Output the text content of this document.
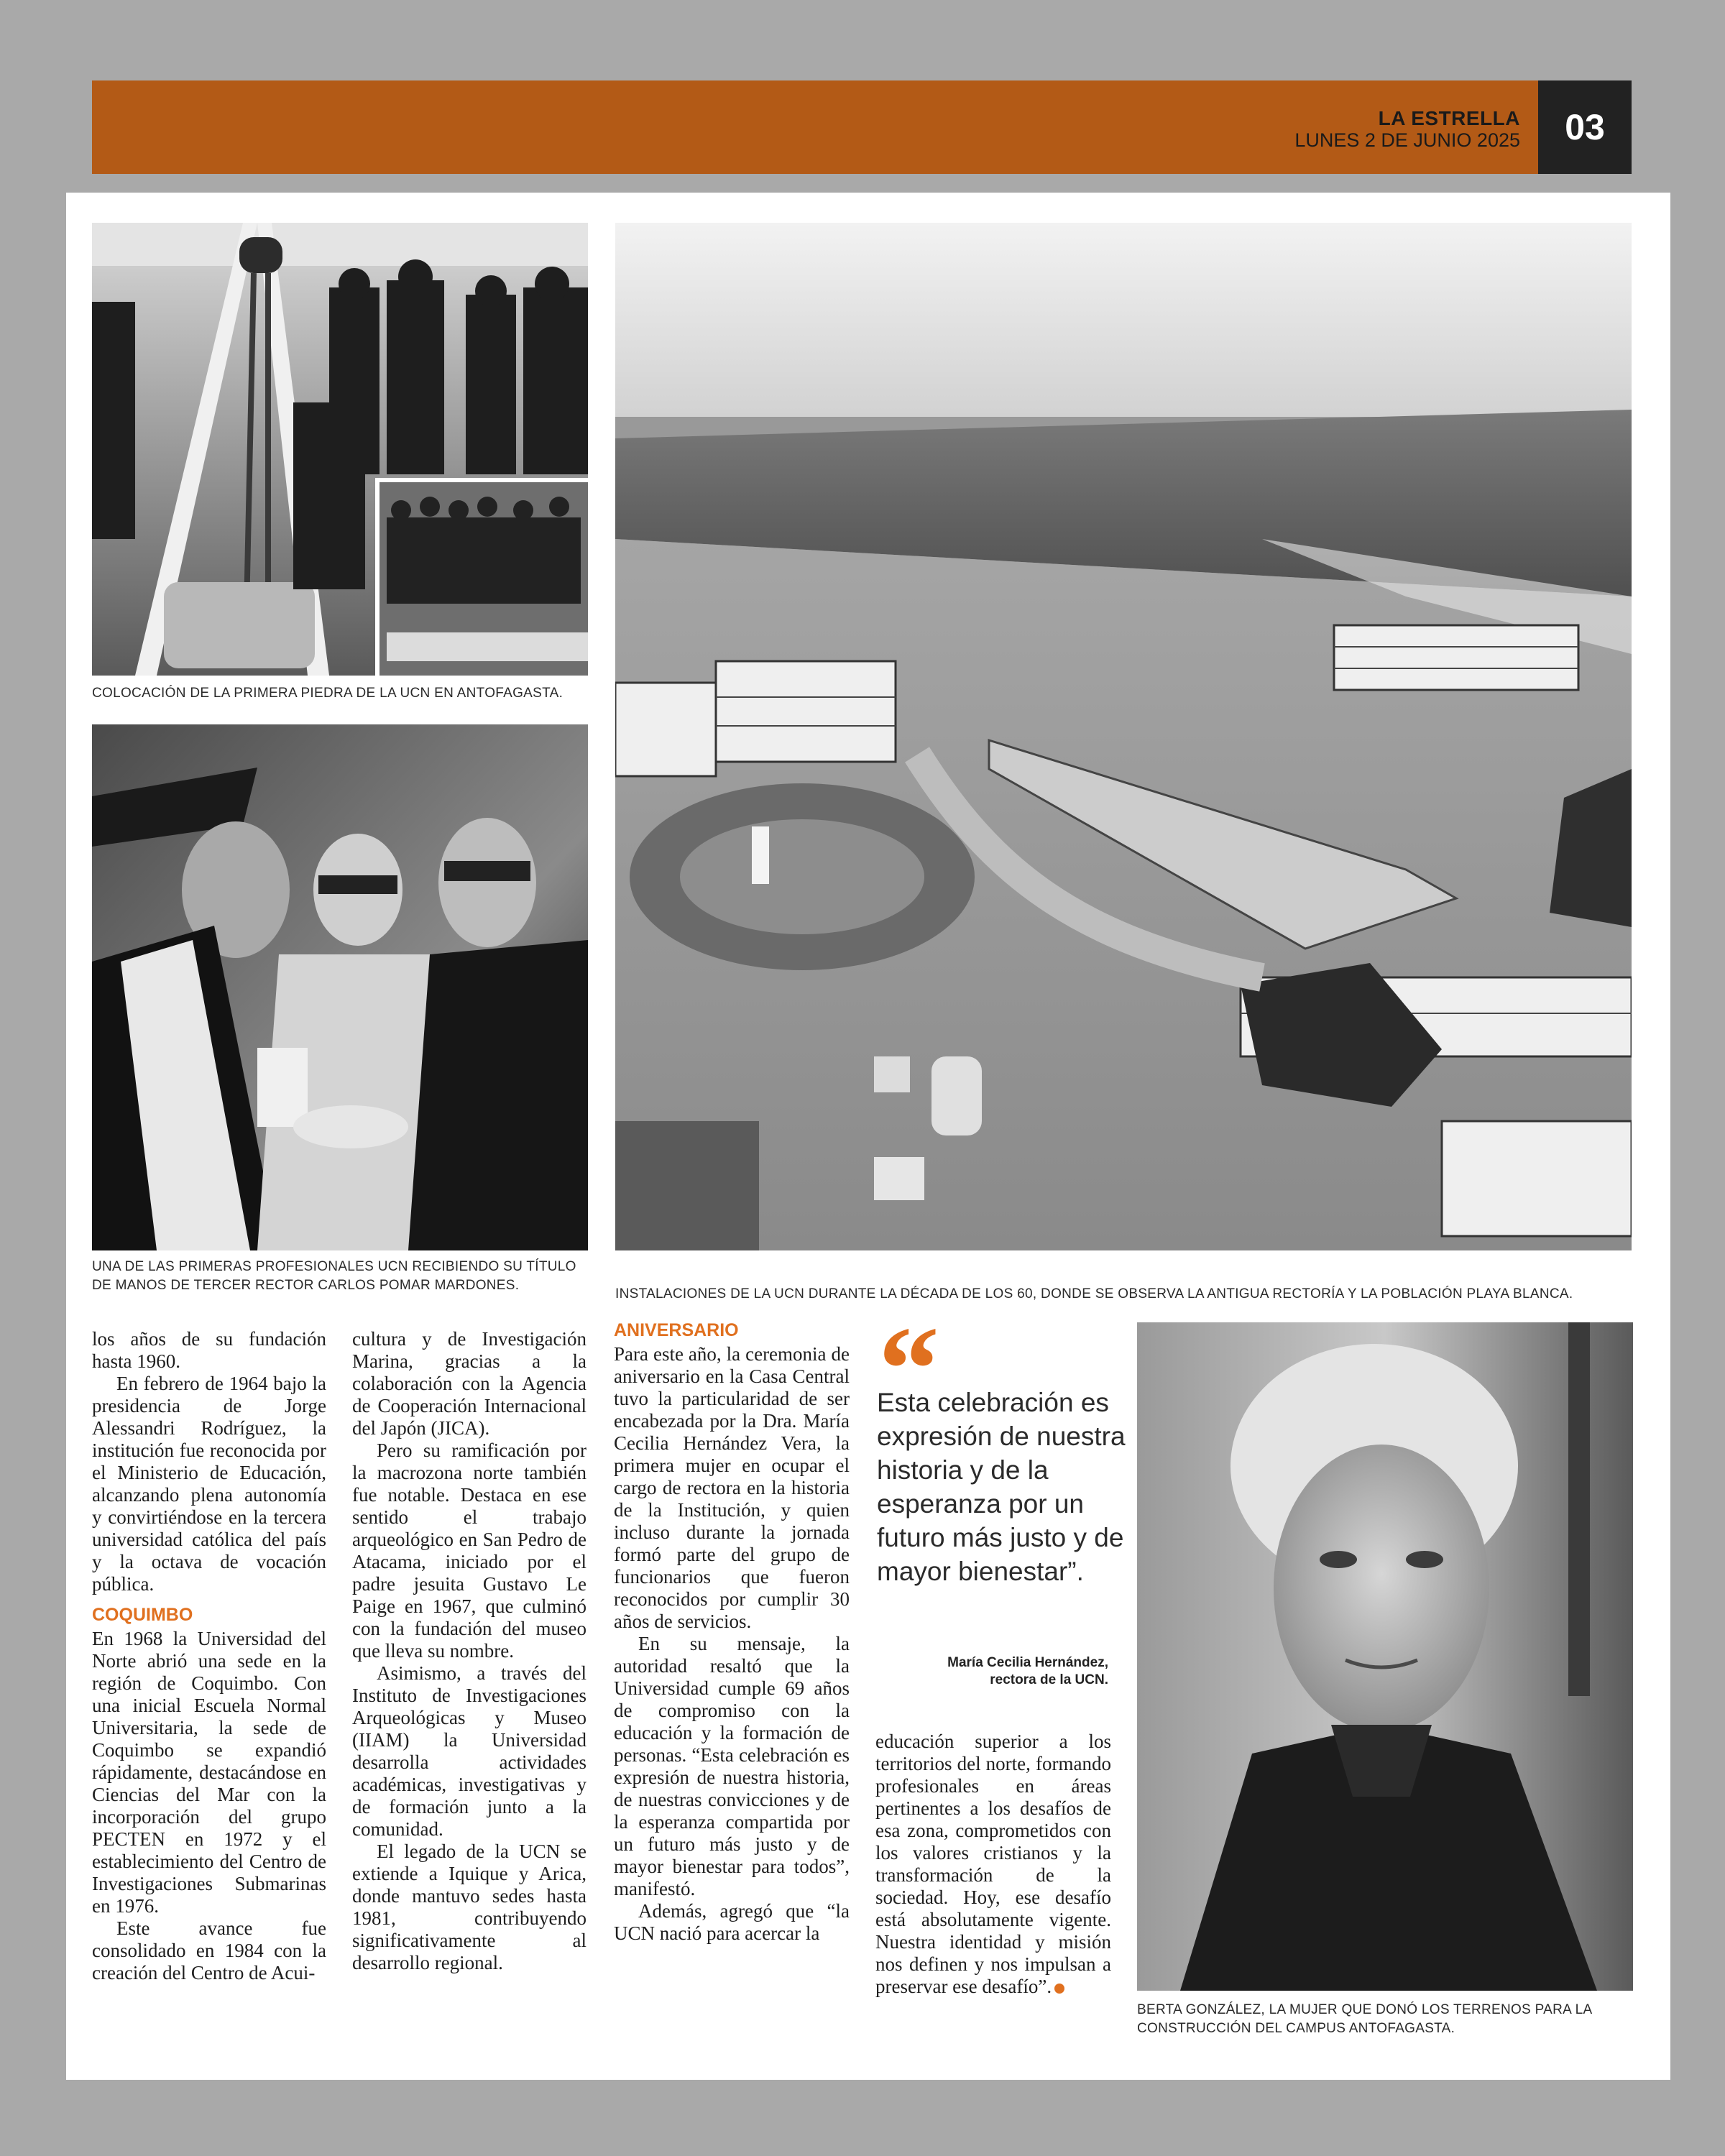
LA ESTRELLA
LUNES 2 DE JUNIO 2025	03
COLOCACIÓN DE LA PRIMERA PIEDRA DE LA UCN EN ANTOFAGASTA.
UNA DE LAS PRIMERAS PROFESIONALES UCN RECIBIENDO SU TÍTULO DE MANOS DE TERCER RECTOR CARLOS POMAR MARDONES.
INSTALACIONES DE LA UCN DURANTE LA DÉCADA DE LOS 60, DONDE SE OBSERVA LA ANTIGUA RECTORÍA Y LA POBLACIÓN PLAYA BLANCA.

los años de su fundación hasta 1960.

En febrero de 1964 bajo la presidencia de Jorge Alessandri Rodríguez, la institución fue reconocida por el Ministerio de Educación, alcanzando plena autonomía y convirtiéndose en la tercera universidad católica del país y la octava de vocación pública.

COQUIMBO

En 1968 la Universidad del Norte abrió una sede en la región de Coquimbo. Con una inicial Escuela Normal Universitaria, la sede de Coquimbo se expandió rápidamente, destacándose en Ciencias del Mar con la incorporación del grupo PECTEN en 1972 y el establecimiento del Centro de Investigaciones Submarinas en 1976.

Este avance fue consolidado en 1984 con la creación del Centro de Acui-

cultura y de Investigación Marina, gracias a la colaboración con la Agencia de Cooperación Internacional del Japón (JICA).

Pero su ramificación por la macrozona norte también fue notable. Destaca en ese sentido el trabajo arqueológico en San Pedro de Atacama, iniciado por el padre jesuita Gustavo Le Paige en 1967, que culminó con la fundación del museo que lleva su nombre.

Asimismo, a través del Instituto de Investigaciones Arqueológicas y Museo (IIAM) la Universidad desarrolla actividades académicas, investigativas y de formación junto a la comunidad.

El legado de la UCN se extiende a Iquique y Arica, donde mantuvo sedes hasta 1981, contribuyendo significativamente al desarrollo regional.

ANIVERSARIO

Para este año, la ceremonia de aniversario en la Casa Central tuvo la particularidad de ser encabezada por la Dra. María Cecilia Hernández Vera, la primera mujer en ocupar el cargo de rectora en la historia de la Institución, y quien incluso durante la jornada formó parte del grupo de funcionarios que fueron reconocidos por cumplir 30 años de servicios.

En su mensaje, la autoridad resaltó que la Universidad cumple 69 años de compromiso con la educación y la formación de personas. “Esta celebración es expresión de nuestra historia, de nuestras convicciones y de la esperanza compartida por un futuro más justo y de mayor bienestar para todos”, manifestó.

Además, agregó que “la UCN nació para acercar la

“
Esta celebración es expresión de nuestra historia y de la esperanza por un futuro más justo y de mayor bienestar”.
María Cecilia Hernández,
rectora de la UCN.

educación superior a los territorios del norte, formando profesionales en áreas pertinentes a los desafíos de esa zona, comprometidos con los valores cristianos y la transformación de la sociedad. Hoy, ese desafío está absolutamente vigente. Nuestra identidad y misión nos definen y nos impulsan a preservar ese desafío”.

BERTA GONZÁLEZ, LA MUJER QUE DONÓ LOS TERRENOS PARA LA CONSTRUCCIÓN DEL CAMPUS ANTOFAGASTA.
